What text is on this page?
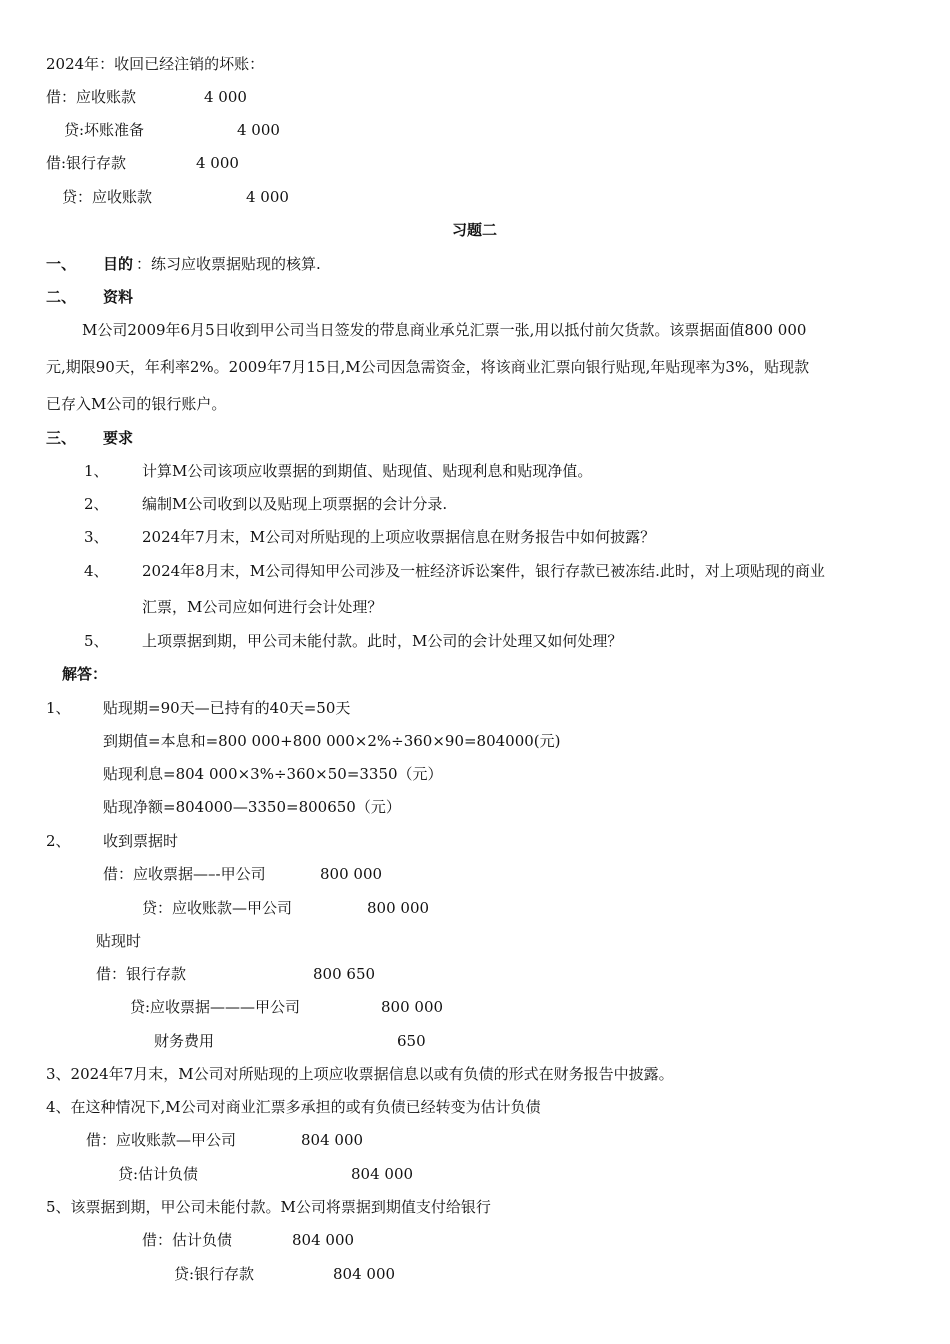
2024年：收回已经注销的坏账：
借：应收账款	4 000
贷:坏账准备	4 000
借:银行存款	4 000
贷：应收账款	4 000
习题二
一、 目的 ：练习应收票据贴现的核算.
二、 资料
M公司2009年6月5日收到甲公司当日签发的带息商业承兑汇票一张,用以抵付前欠货款。该票据面值800 000
元,期限90天，年利率2%。2009年7月15日,M公司因急需资金，将该商业汇票向银行贴现,年贴现率为3%，贴现款
已存入M公司的银行账户。
三、 要求
1、 计算M公司该项应收票据的到期值、贴现值、贴现利息和贴现净值。
2、 编制M公司收到以及贴现上项票据的会计分录.
3、 2024年7月末，M公司对所贴现的上项应收票据信息在财务报告中如何披露？
4、 2024年8月末，M公司得知甲公司涉及一桩经济诉讼案件，银行存款已被冻结.此时，对上项贴现的商业
汇票，M公司应如何进行会计处理？
5、 上项票据到期，甲公司未能付款。此时，M公司的会计处理又如何处理？
解答：
1、 贴现期=90天—已持有的40天=50天
到期值=本息和=800 000+800 000×2%÷360×90=804000(元)
贴现利息=804 000×3%÷360×50=3350（元）
贴现净额=804000—3350=800650（元）
2、 收到票据时
借：应收票据—–-甲公司	800 000
贷：应收账款—甲公司	800 000
贴现时
借：银行存款	800 650
贷:应收票据———甲公司	800 000
财务费用	650
3、2024年7月末，M公司对所贴现的上项应收票据信息以或有负债的形式在财务报告中披露。
4、在这种情况下,M公司对商业汇票多承担的或有负债已经转变为估计负债
借：应收账款—甲公司	804 000
贷:估计负债	804 000
5、该票据到期，甲公司未能付款。M公司将票据到期值支付给银行
借：估计负债	804 000
贷:银行存款	804 000
